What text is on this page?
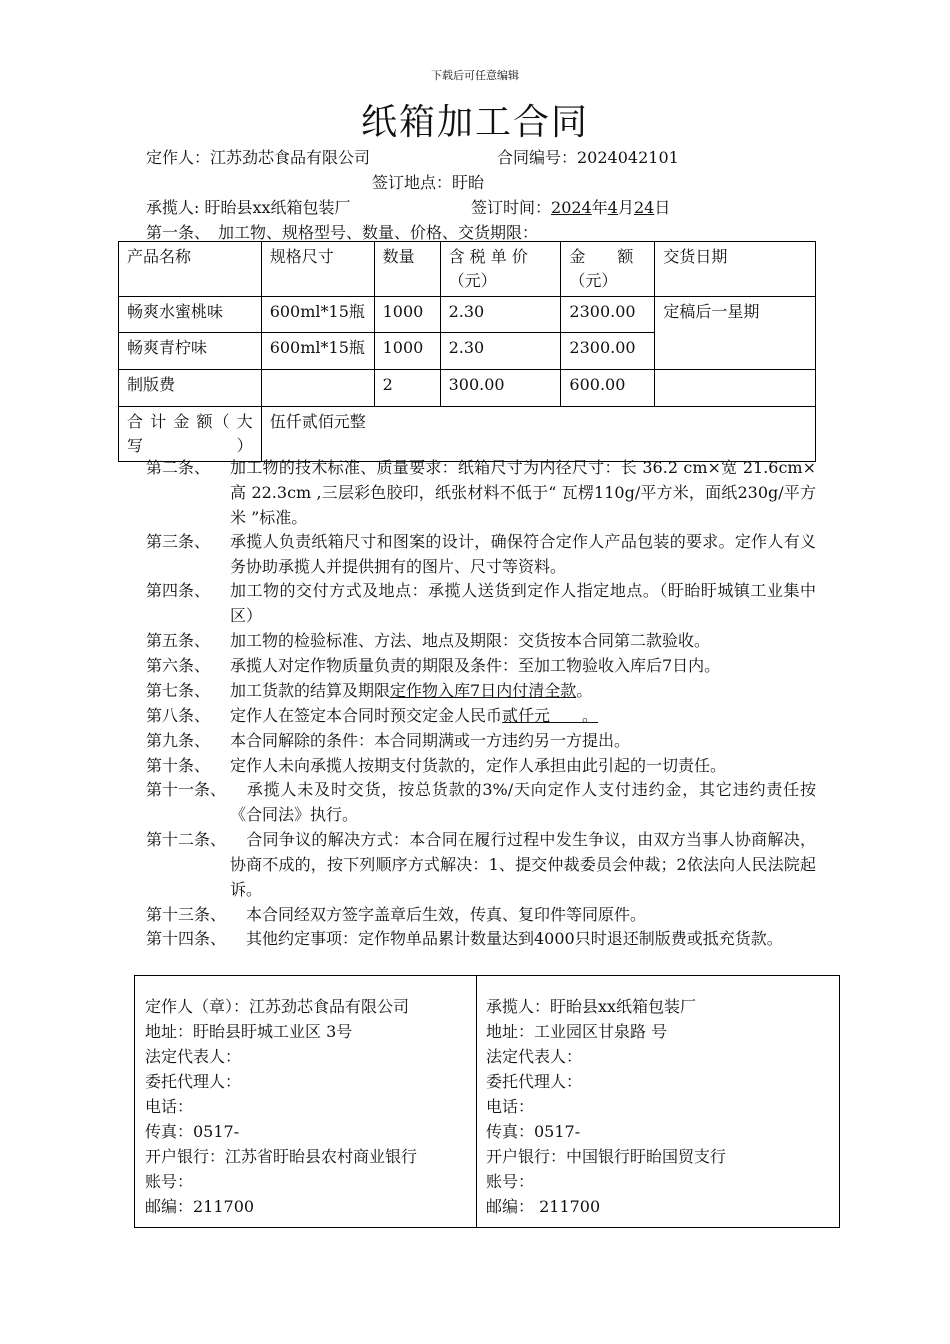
下载后可任意编辑
纸箱加工合同
定作人：江苏劲芯食品有限公司	合同编号：2024042101
签订地点：盱眙
承揽人: 盱眙县xx纸箱包装厂	签订时间：2024年4月24日
第一条、　加工物、规格型号、数量、价格、交货期限：
产品名称	规格尺寸	数量	含 税 单 价（元）	金　　额（元）	交货日期
畅爽水蜜桃味	600ml*15瓶	1000	2.30	2300.00	定稿后一星期
畅爽青柠味	600ml*15瓶	1000	2.30	2300.00	
制版费		2	300.00	600.00	
合 计 金 额（ 大写）	伍仟贰佰元整				
第二条、 加工物的技术标准、质量要求：纸箱尺寸为内径尺寸：长 36.2 cm×宽 21.6cm×高 22.3cm ,三层彩色胶印，纸张材料不低于“ 瓦楞110g/平方米，面纸230g/平方米 ”标准。
第三条、 承揽人负责纸箱尺寸和图案的设计，确保符合定作人产品包装的要求。定作人有义务协助承揽人并提供拥有的图片、尺寸等资料。
第四条、 加工物的交付方式及地点：承揽人送货到定作人指定地点。（盱眙盱城镇工业集中区）
第五条、 加工物的检验标准、方法、地点及期限：交货按本合同第二款验收。
第六条、 承揽人对定作物质量负责的期限及条件：至加工物验收入库后7日内。
第七条、 加工货款的结算及期限定作物入库7日内付清全款。
第八条、 定作人在签定本合同时预交定金人民币贰仟元　　。
第九条、 本合同解除的条件：本合同期满或一方违约另一方提出。
第十条、 定作人未向承揽人按期支付货款的，定作人承担由此引起的一切责任。
第十一条、 　承揽人未及时交货，按总货款的3%/天向定作人支付违约金，其它违约责任按《合同法》执行。
第十二条、 　合同争议的解决方式：本合同在履行过程中发生争议，由双方当事人协商解决，协商不成的，按下列顺序方式解决：1、提交仲裁委员会仲裁；2依法向人民法院起诉。
第十三条、 　本合同经双方签字盖章后生效，传真、复印件等同原件。
第十四条、 　其他约定事项：定作物单品累计数量达到4000只时退还制版费或抵充货款。
定作人（章）：江苏劲芯食品有限公司
地址：盱眙县盱城工业区 3号
法定代表人：
委托代理人：
电话：
传真：0517-
开户银行：江苏省盱眙县农村商业银行
账号：
邮编：211700
承揽人：盱眙县xx纸箱包装厂
地址：工业园区甘泉路 号
法定代表人：
委托代理人：
电话：
传真：0517-
开户银行：中国银行盱眙国贸支行
账号：
邮编： 211700
